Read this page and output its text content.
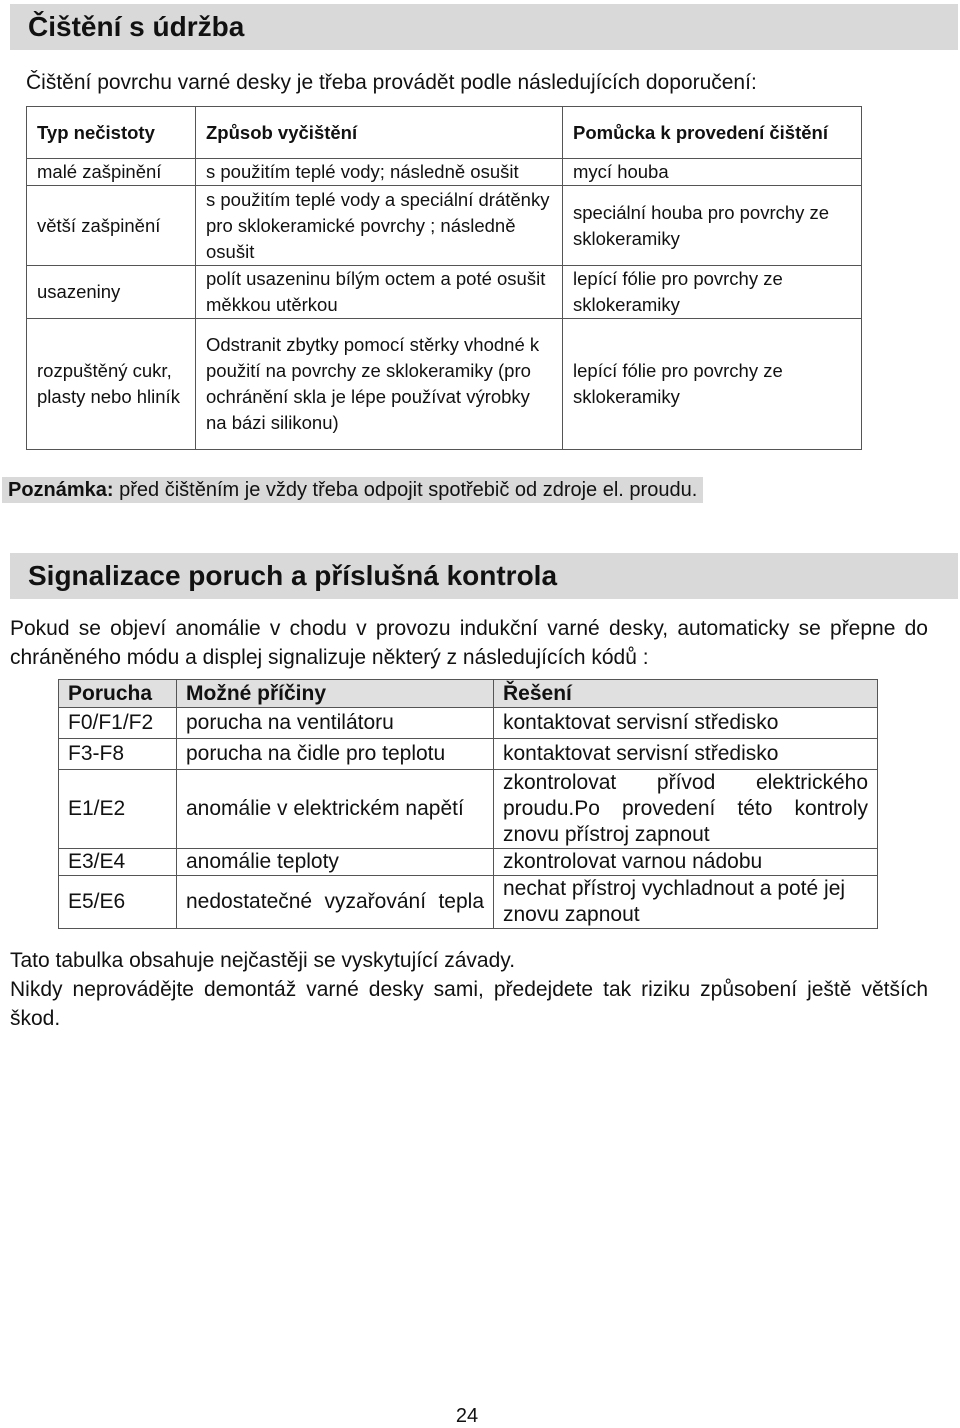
Čištění s údržba
Čištění povrchu varné desky je třeba provádět podle následujících doporučení:
Typ nečistoty	Způsob vyčištění	Pomůcka k provedení čištění
malé zašpinění	s použitím teplé vody; následně osušit	mycí houba
větší zašpinění	s použitím teplé vody a speciální drátěnky pro sklokeramické povrchy ; následně osušit	speciální houba pro povrchy ze sklokeramiky
usazeniny	polít usazeninu bílým octem a poté osušit měkkou utěrkou	lepící fólie pro povrchy ze sklokeramiky
rozpuštěný cukr, plasty nebo hliník	Odstranit zbytky pomocí stěrky vhodné k použití na povrchy ze sklokeramiky (pro ochránění skla je lépe používat výrobky na bázi silikonu)	lepící fólie pro povrchy ze sklokeramiky
Poznámka: před čištěním je vždy třeba odpojit spotřebič od zdroje el. proudu.
Signalizace poruch a příslušná kontrola
Pokud se objeví anomálie v chodu v provozu indukční varné desky, automaticky se přepne do chráněného módu a displej signalizuje některý z následujících kódů :
Porucha	Možné příčiny	Řešení
F0/F1/F2	porucha na ventilátoru	kontaktovat servisní středisko
F3-F8	porucha na čidle pro teplotu	kontaktovat servisní středisko
E1/E2	anomálie v elektrickém napětí	zkontrolovat přívod elektrického proudu.Po provedení této kontroly znovu přístroj zapnout
E3/E4	anomálie teploty	zkontrolovat varnou nádobu
E5/E6	nedostatečné vyzařování tepla	nechat přístroj vychladnout a poté jej znovu zapnout
Tato tabulka obsahuje nejčastěji se vyskytující závady.
Nikdy neprovádějte demontáž varné desky sami, předejdete tak riziku způsobení ještě větších škod.
24
